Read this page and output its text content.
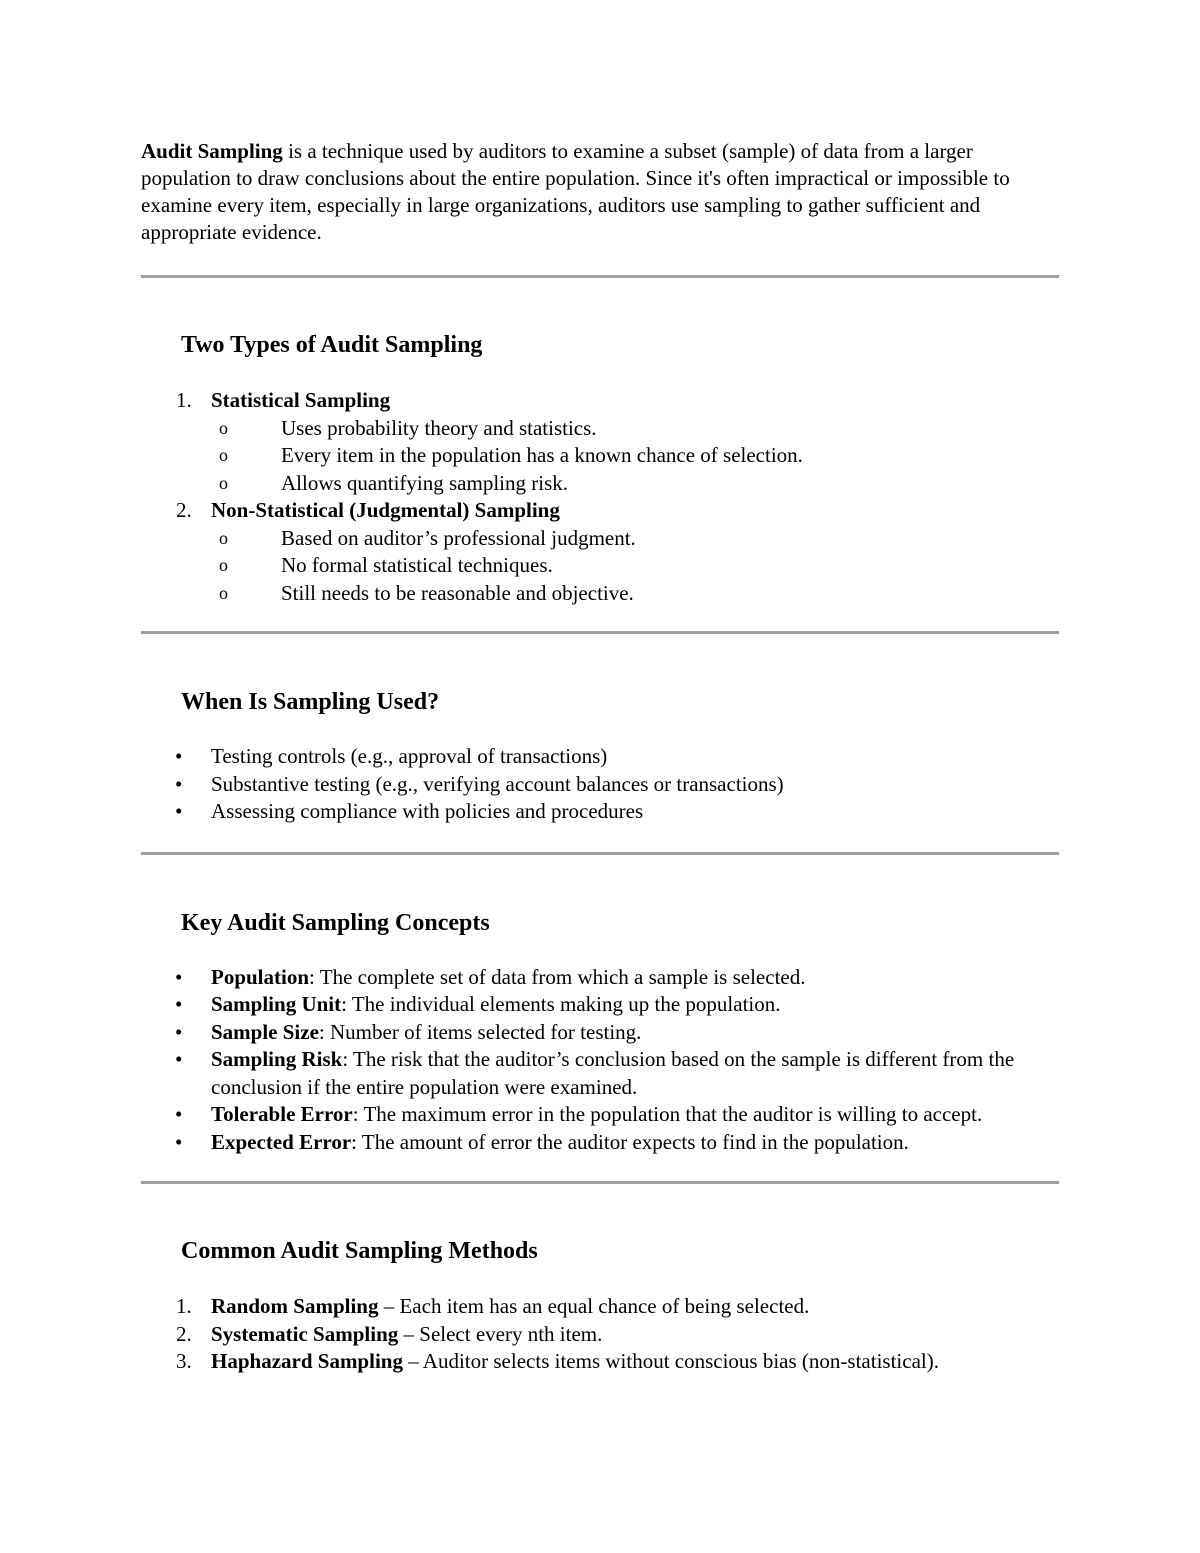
Audit Sampling is a technique used by auditors to examine a subset (sample) of data from a larger population to draw conclusions about the entire population. Since it's often impractical or impossible to examine every item, especially in large organizations, auditors use sampling to gather sufficient and appropriate evidence.

Two Types of Audit Sampling
1. Statistical Sampling
o	Uses probability theory and statistics.
o	Every item in the population has a known chance of selection.
o	Allows quantifying sampling risk.
2. Non-Statistical (Judgmental) Sampling
o	Based on auditor’s professional judgment.
o	No formal statistical techniques.
o	Still needs to be reasonable and objective.
When Is Sampling Used?
• Testing controls (e.g., approval of transactions)
• Substantive testing (e.g., verifying account balances or transactions)
• Assessing compliance with policies and procedures
Key Audit Sampling Concepts
• Population: The complete set of data from which a sample is selected.
• Sampling Unit: The individual elements making up the population.
• Sample Size: Number of items selected for testing.
• Sampling Risk: The risk that the auditor’s conclusion based on the sample is different from the conclusion if the entire population were examined.
• Tolerable Error: The maximum error in the population that the auditor is willing to accept.
• Expected Error: The amount of error the auditor expects to find in the population.
Common Audit Sampling Methods
1. Random Sampling – Each item has an equal chance of being selected.
2. Systematic Sampling – Select every nth item.
3. Haphazard Sampling – Auditor selects items without conscious bias (non-statistical).
